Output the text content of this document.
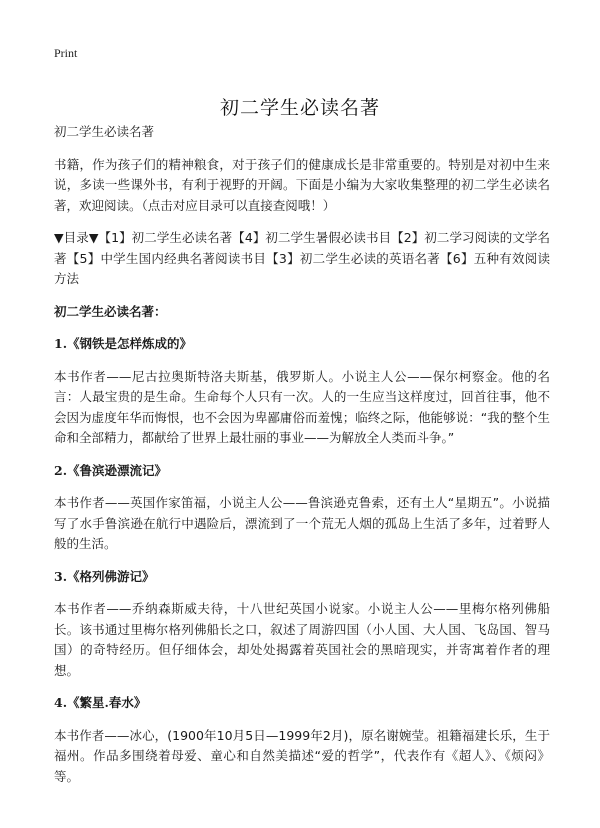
Print
初二学生必读名著

初二学生必读名著

书籍，作为孩子们的精神粮食，对于孩子们的健康成长是非常重要的。特别是对初中生来说，多读一些课外书，有利于视野的开阔。下面是小编为大家收集整理的初二学生必读名著，欢迎阅读。（点击对应目录可以直接查阅哦！）

▼目录▼【1】初二学生必读名著【4】初二学生暑假必读书目【2】初二学习阅读的文学名著【5】中学生国内经典名著阅读书目【3】初二学生必读的英语名著【6】五种有效阅读方法

初二学生必读名著：
1.《钢铁是怎样炼成的》

本书作者——尼古拉奥斯特洛夫斯基，俄罗斯人。小说主人公——保尔柯察金。他的名言：人最宝贵的是生命。生命每个人只有一次。人的一生应当这样度过，回首往事，他不会因为虚度年华而悔恨，也不会因为卑鄙庸俗而羞愧；临终之际，他能够说：“我的整个生命和全部精力，都献给了世界上最壮丽的事业——为解放全人类而斗争。”

2.《鲁滨逊漂流记》

本书作者——英国作家笛福，小说主人公——鲁滨逊克鲁索，还有土人“星期五”。小说描写了水手鲁滨逊在航行中遇险后，漂流到了一个荒无人烟的孤岛上生活了多年，过着野人般的生活。

3.《格列佛游记》

本书作者——乔纳森斯威夫待，十八世纪英国小说家。小说主人公——里梅尔格列佛船长。该书通过里梅尔格列佛船长之口，叙述了周游四国（小人国、大人国、飞岛国、智马国）的奇特经历。但仔细体会，却处处揭露着英国社会的黑暗现实，并寄寓着作者的理想。

4.《繁星.春水》

本书作者——冰心，(1900年10月5日—1999年2月)，原名谢婉莹。祖籍福建长乐，生于福州。作品多围绕着母爱、童心和自然美描述“爱的哲学”，代表作有《超人》、《烦闷》等。
